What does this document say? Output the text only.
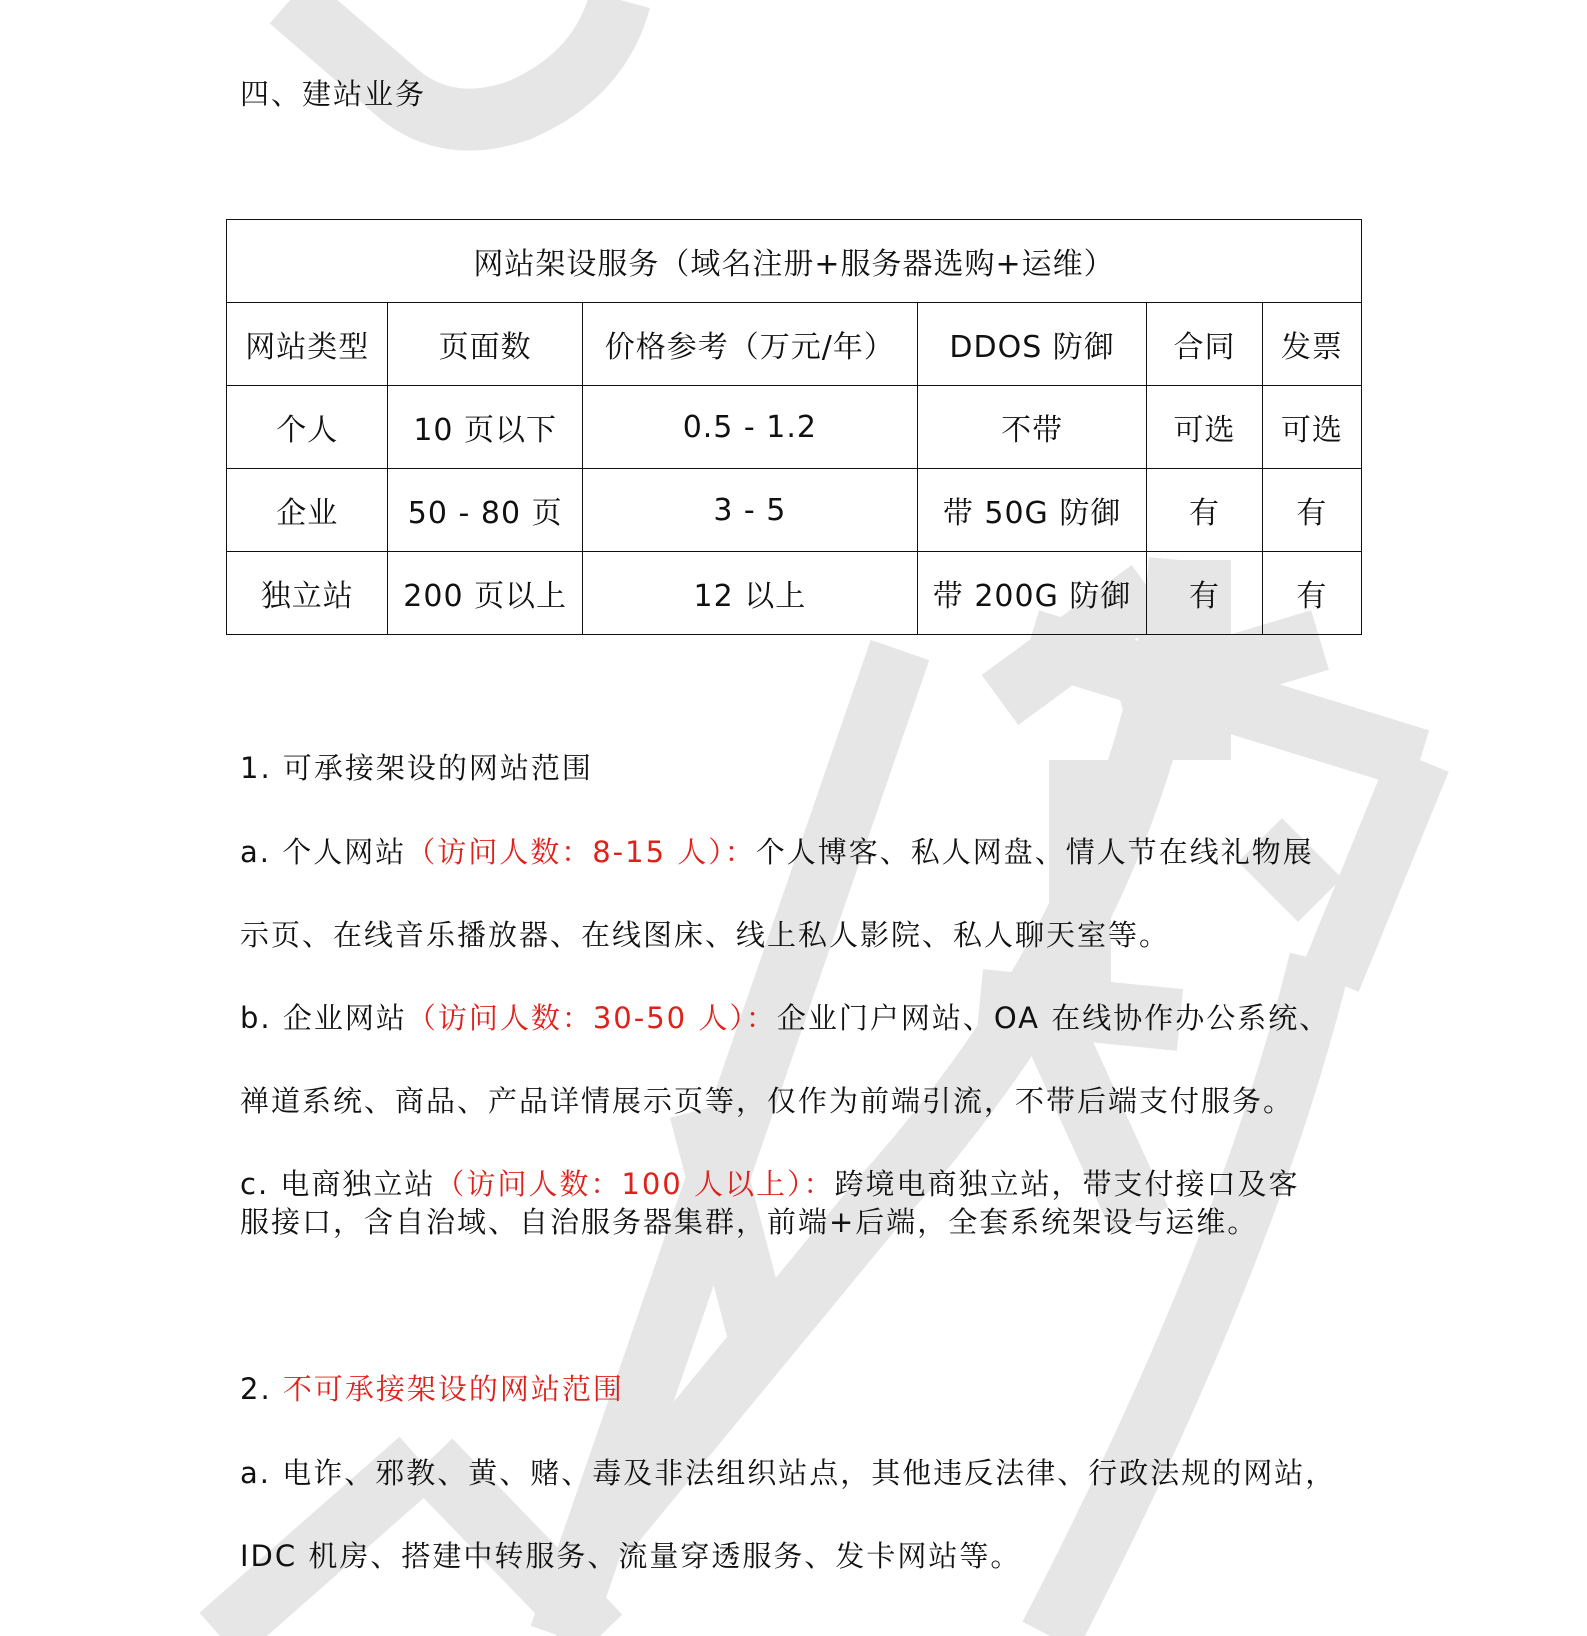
四、建站业务
网站架设服务（域名注册+服务器选购+运维）					
网站类型	页面数	价格参考（万元/年）	DDOS 防御	合同	发票
个人	10 页以下	0.5 - 1.2	不带	可选	可选
企业	50 - 80 页	3 - 5	带 50G 防御	有	有
独立站	200 页以上	12 以上	带 200G 防御	有	有
1. 可承接架设的网站范围
a. 个人网站（访问人数：8-15 人）：个人博客、私人网盘、情人节在线礼物展
示页、在线音乐播放器、在线图床、线上私人影院、私人聊天室等。
b. 企业网站（访问人数：30-50 人）：企业门户网站、OA 在线协作办公系统、
禅道系统、商品、产品详情展示页等，仅作为前端引流，不带后端支付服务。
c. 电商独立站（访问人数：100 人以上）：跨境电商独立站，带支付接口及客
服接口，含自治域、自治服务器集群，前端+后端，全套系统架设与运维。
2. 不可承接架设的网站范围
a. 电诈、邪教、黄、赌、毒及非法组织站点，其他违反法律、行政法规的网站，
IDC 机房、搭建中转服务、流量穿透服务、发卡网站等。
